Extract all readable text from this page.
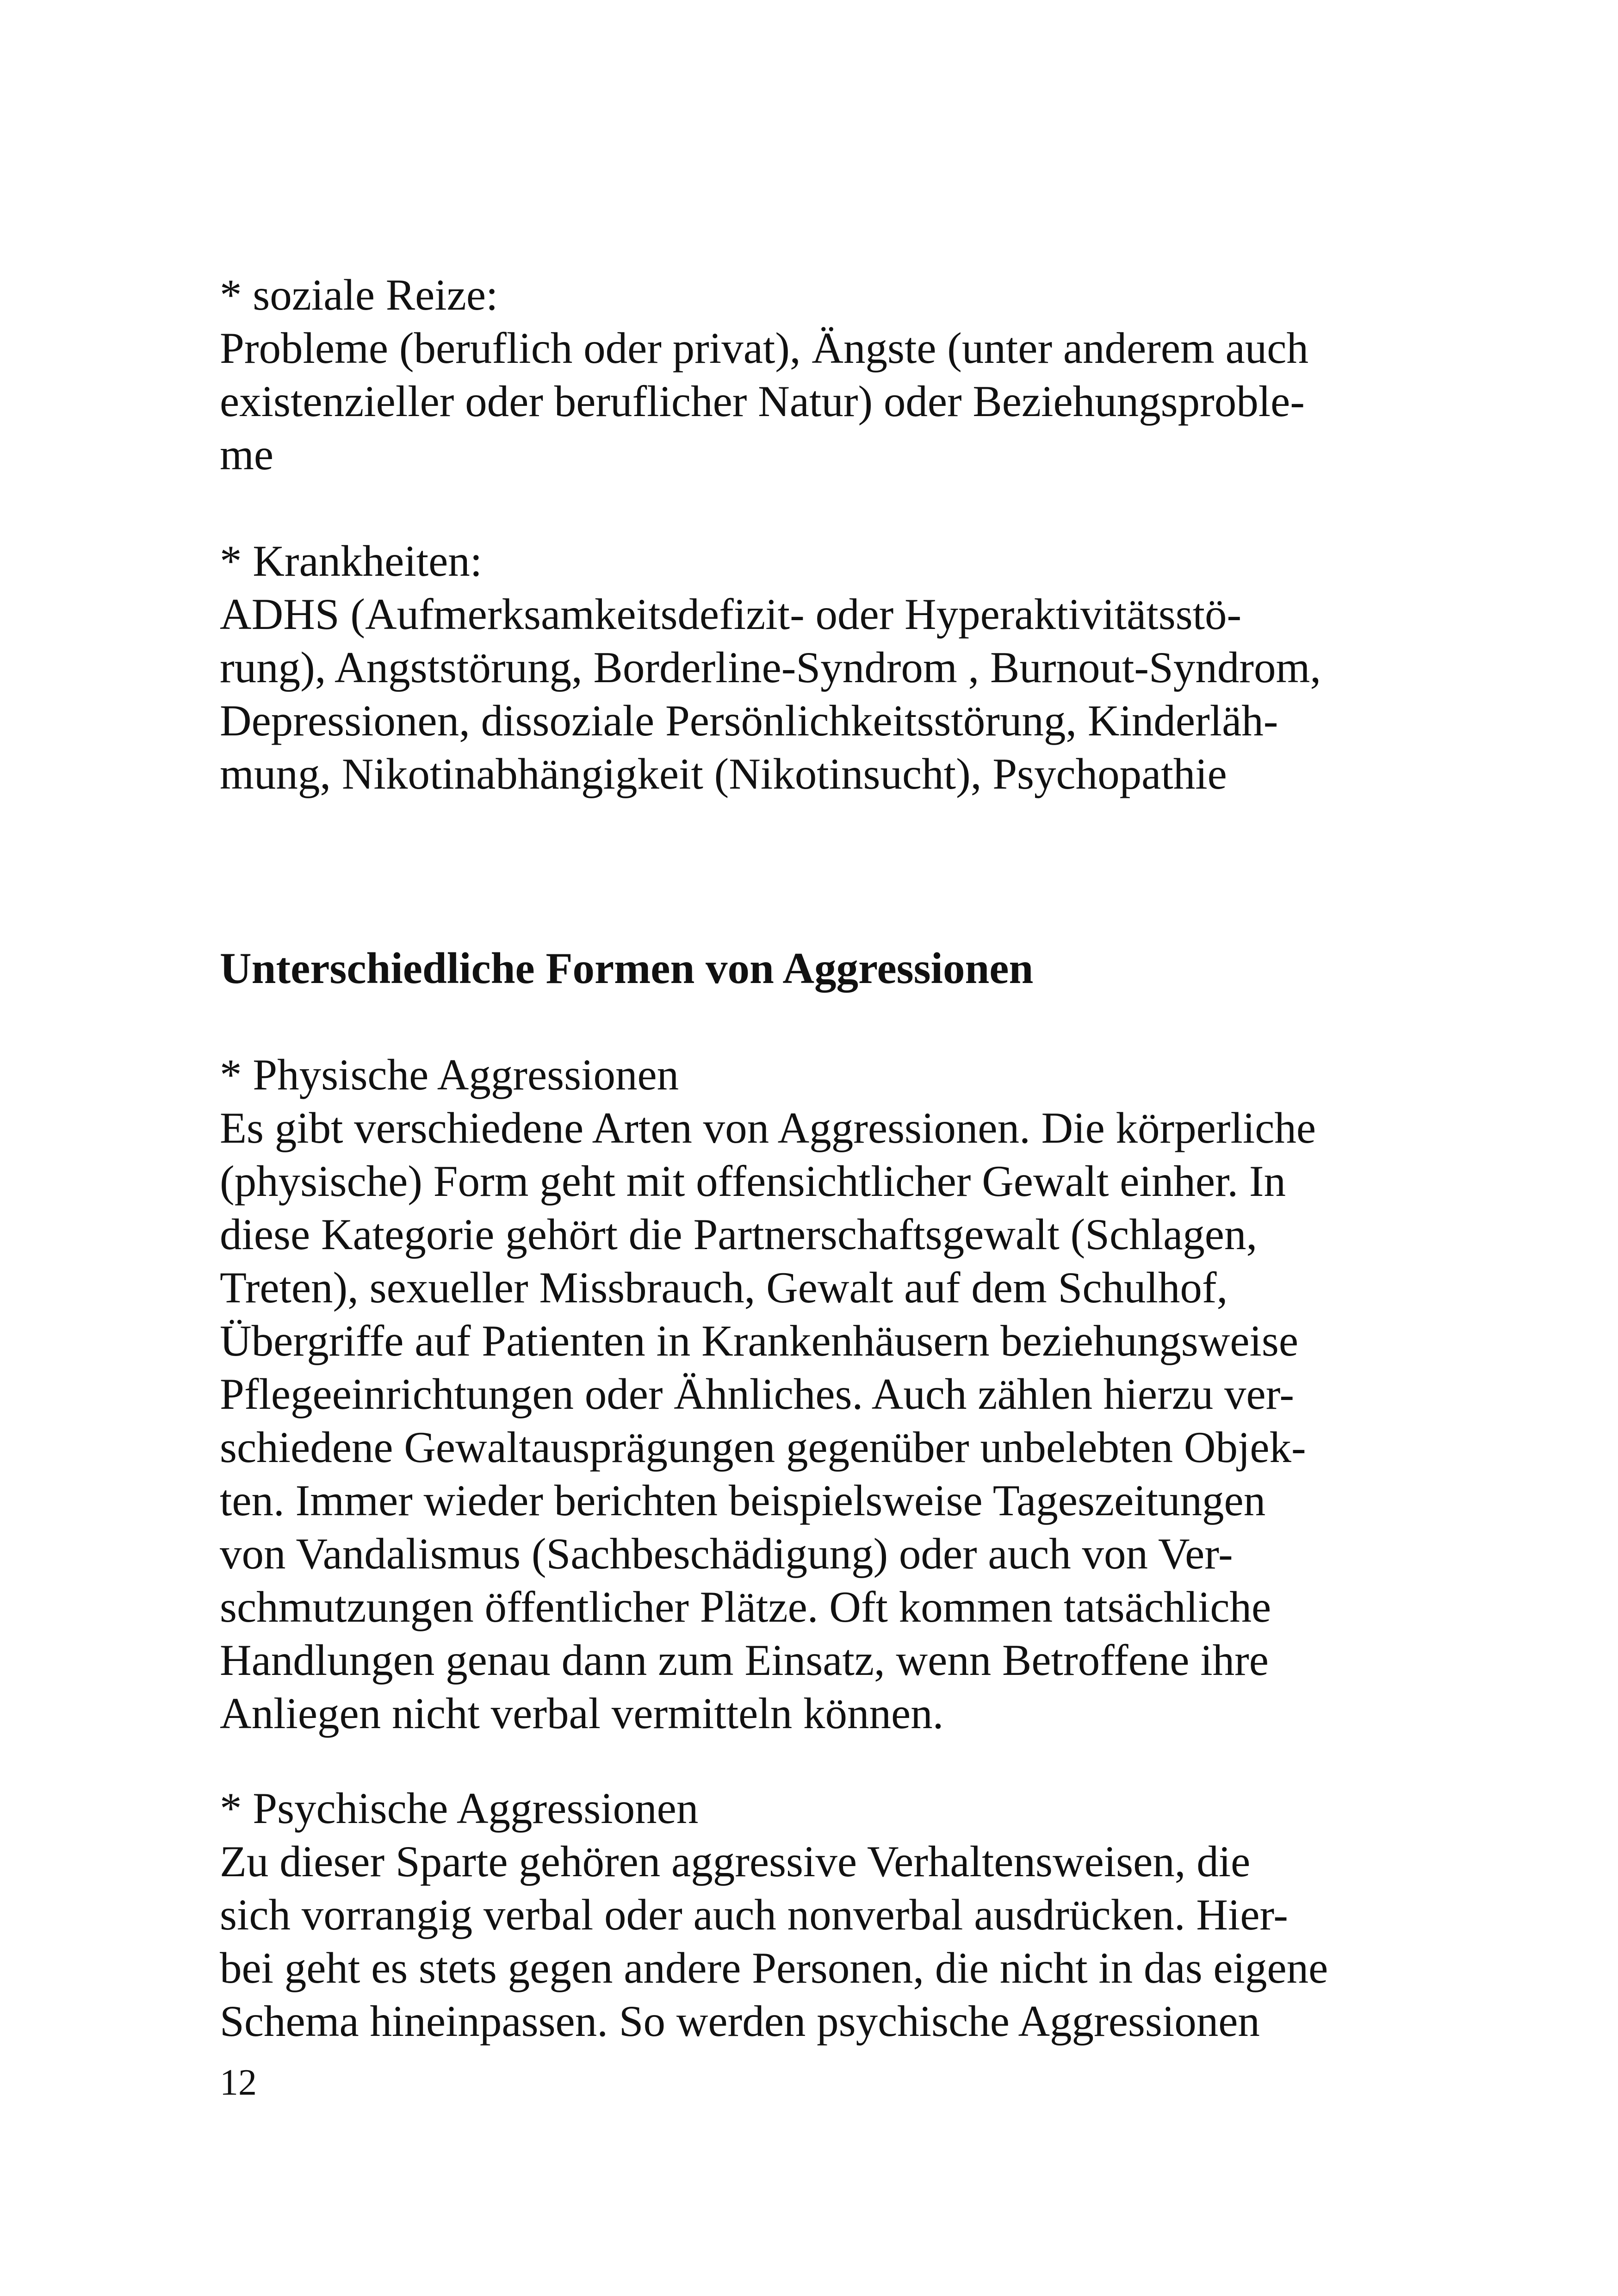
* soziale Reize:
Probleme (beruflich oder privat), Ängste (unter anderem auch
existenzieller oder beruflicher Natur) oder Beziehungsproble-
me
* Krankheiten:
ADHS (Aufmerksamkeitsdefizit- oder Hyperaktivitätsstö-
rung), Angststörung, Borderline-Syndrom , Burnout-Syndrom,
Depressionen, dissoziale Persönlichkeitsstörung, Kinderläh-
mung, Nikotinabhängigkeit (Nikotinsucht), Psychopathie
Unterschiedliche Formen von Aggressionen
* Physische Aggressionen
Es gibt verschiedene Arten von Aggressionen. Die körperliche
(physische) Form geht mit offensichtlicher Gewalt einher. In
diese Kategorie gehört die Partnerschaftsgewalt (Schlagen,
Treten), sexueller Missbrauch, Gewalt auf dem Schulhof,
Übergriffe auf Patienten in Krankenhäusern beziehungsweise
Pflegeeinrichtungen oder Ähnliches. Auch zählen hierzu ver-
schiedene Gewaltausprägungen gegenüber unbelebten Objek-
ten. Immer wieder berichten beispielsweise Tageszeitungen
von Vandalismus (Sachbeschädigung) oder auch von Ver-
schmutzungen öffentlicher Plätze. Oft kommen tatsächliche
Handlungen genau dann zum Einsatz, wenn Betroffene ihre
Anliegen nicht verbal vermitteln können.
* Psychische Aggressionen
Zu dieser Sparte gehören aggressive Verhaltensweisen, die
sich vorrangig verbal oder auch nonverbal ausdrücken. Hier-
bei geht es stets gegen andere Personen, die nicht in das eigene
Schema hineinpassen. So werden psychische Aggressionen
12
